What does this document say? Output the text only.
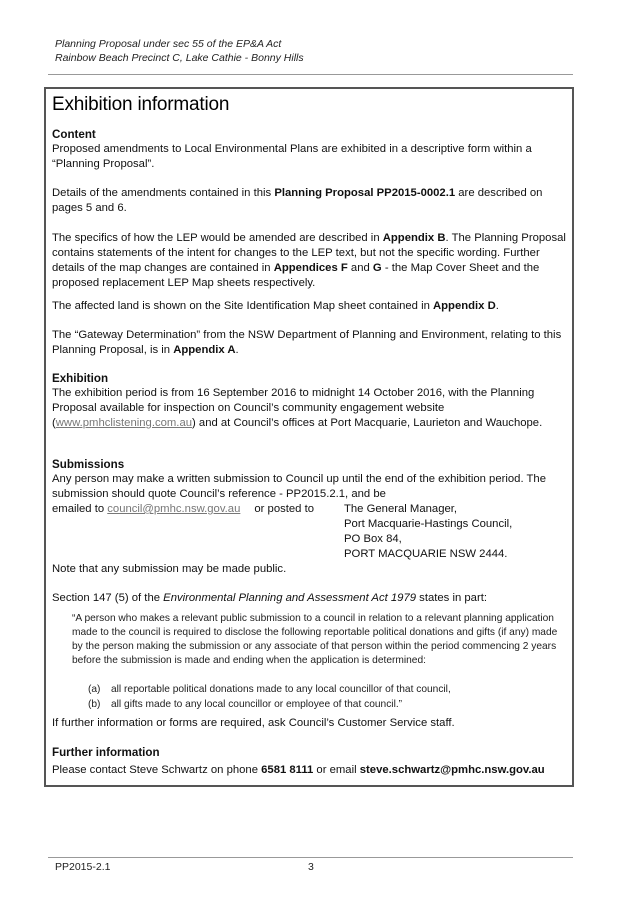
Planning Proposal under sec 55 of the EP&A Act
Rainbow Beach Precinct C, Lake Cathie - Bonny Hills
Exhibition information
Content
Proposed amendments to Local Environmental Plans are exhibited in a descriptive form within a “Planning Proposal”.
Details of the amendments contained in this Planning Proposal PP2015-0002.1 are described on pages 5 and 6.
The specifics of how the LEP would be amended are described in Appendix B. The Planning Proposal contains statements of the intent for changes to the LEP text, but not the specific wording. Further details of the map changes are contained in Appendices F and G - the Map Cover Sheet and the proposed replacement LEP Map sheets respectively.
The affected land is shown on the Site Identification Map sheet contained in Appendix D.
The “Gateway Determination” from the NSW Department of Planning and Environment, relating to this Planning Proposal, is in Appendix A.
Exhibition
The exhibition period is from 16 September 2016 to midnight 14 October 2016, with the Planning Proposal available for inspection on Council’s community engagement website (www.pmhclistening.com.au) and at Council’s offices at Port Macquarie, Laurieton and Wauchope.
Submissions
Any person may make a written submission to Council up until the end of the exhibition period. The submission should quote Council’s reference - PP2015.2.1, and be
emailed to council@pmhc.nsw.gov.au or posted to	The General Manager,
Port Macquarie-Hastings Council,
PO Box 84,
PORT MACQUARIE NSW 2444.
Note that any submission may be made public.
Section 147 (5) of the Environmental Planning and Assessment Act 1979 states in part:
“A person who makes a relevant public submission to a council in relation to a relevant planning application made to the council is required to disclose the following reportable political donations and gifts (if any) made by the person making the submission or any associate of that person within the period commencing 2 years before the submission is made and ending when the application is determined:
(a) all reportable political donations made to any local councillor of that council,
(b) all gifts made to any local councillor or employee of that council.”
If further information or forms are required, ask Council’s Customer Service staff.
Further information
Please contact Steve Schwartz on phone 6581 8111 or email steve.schwartz@pmhc.nsw.gov.au
PP2015-2.1	3
